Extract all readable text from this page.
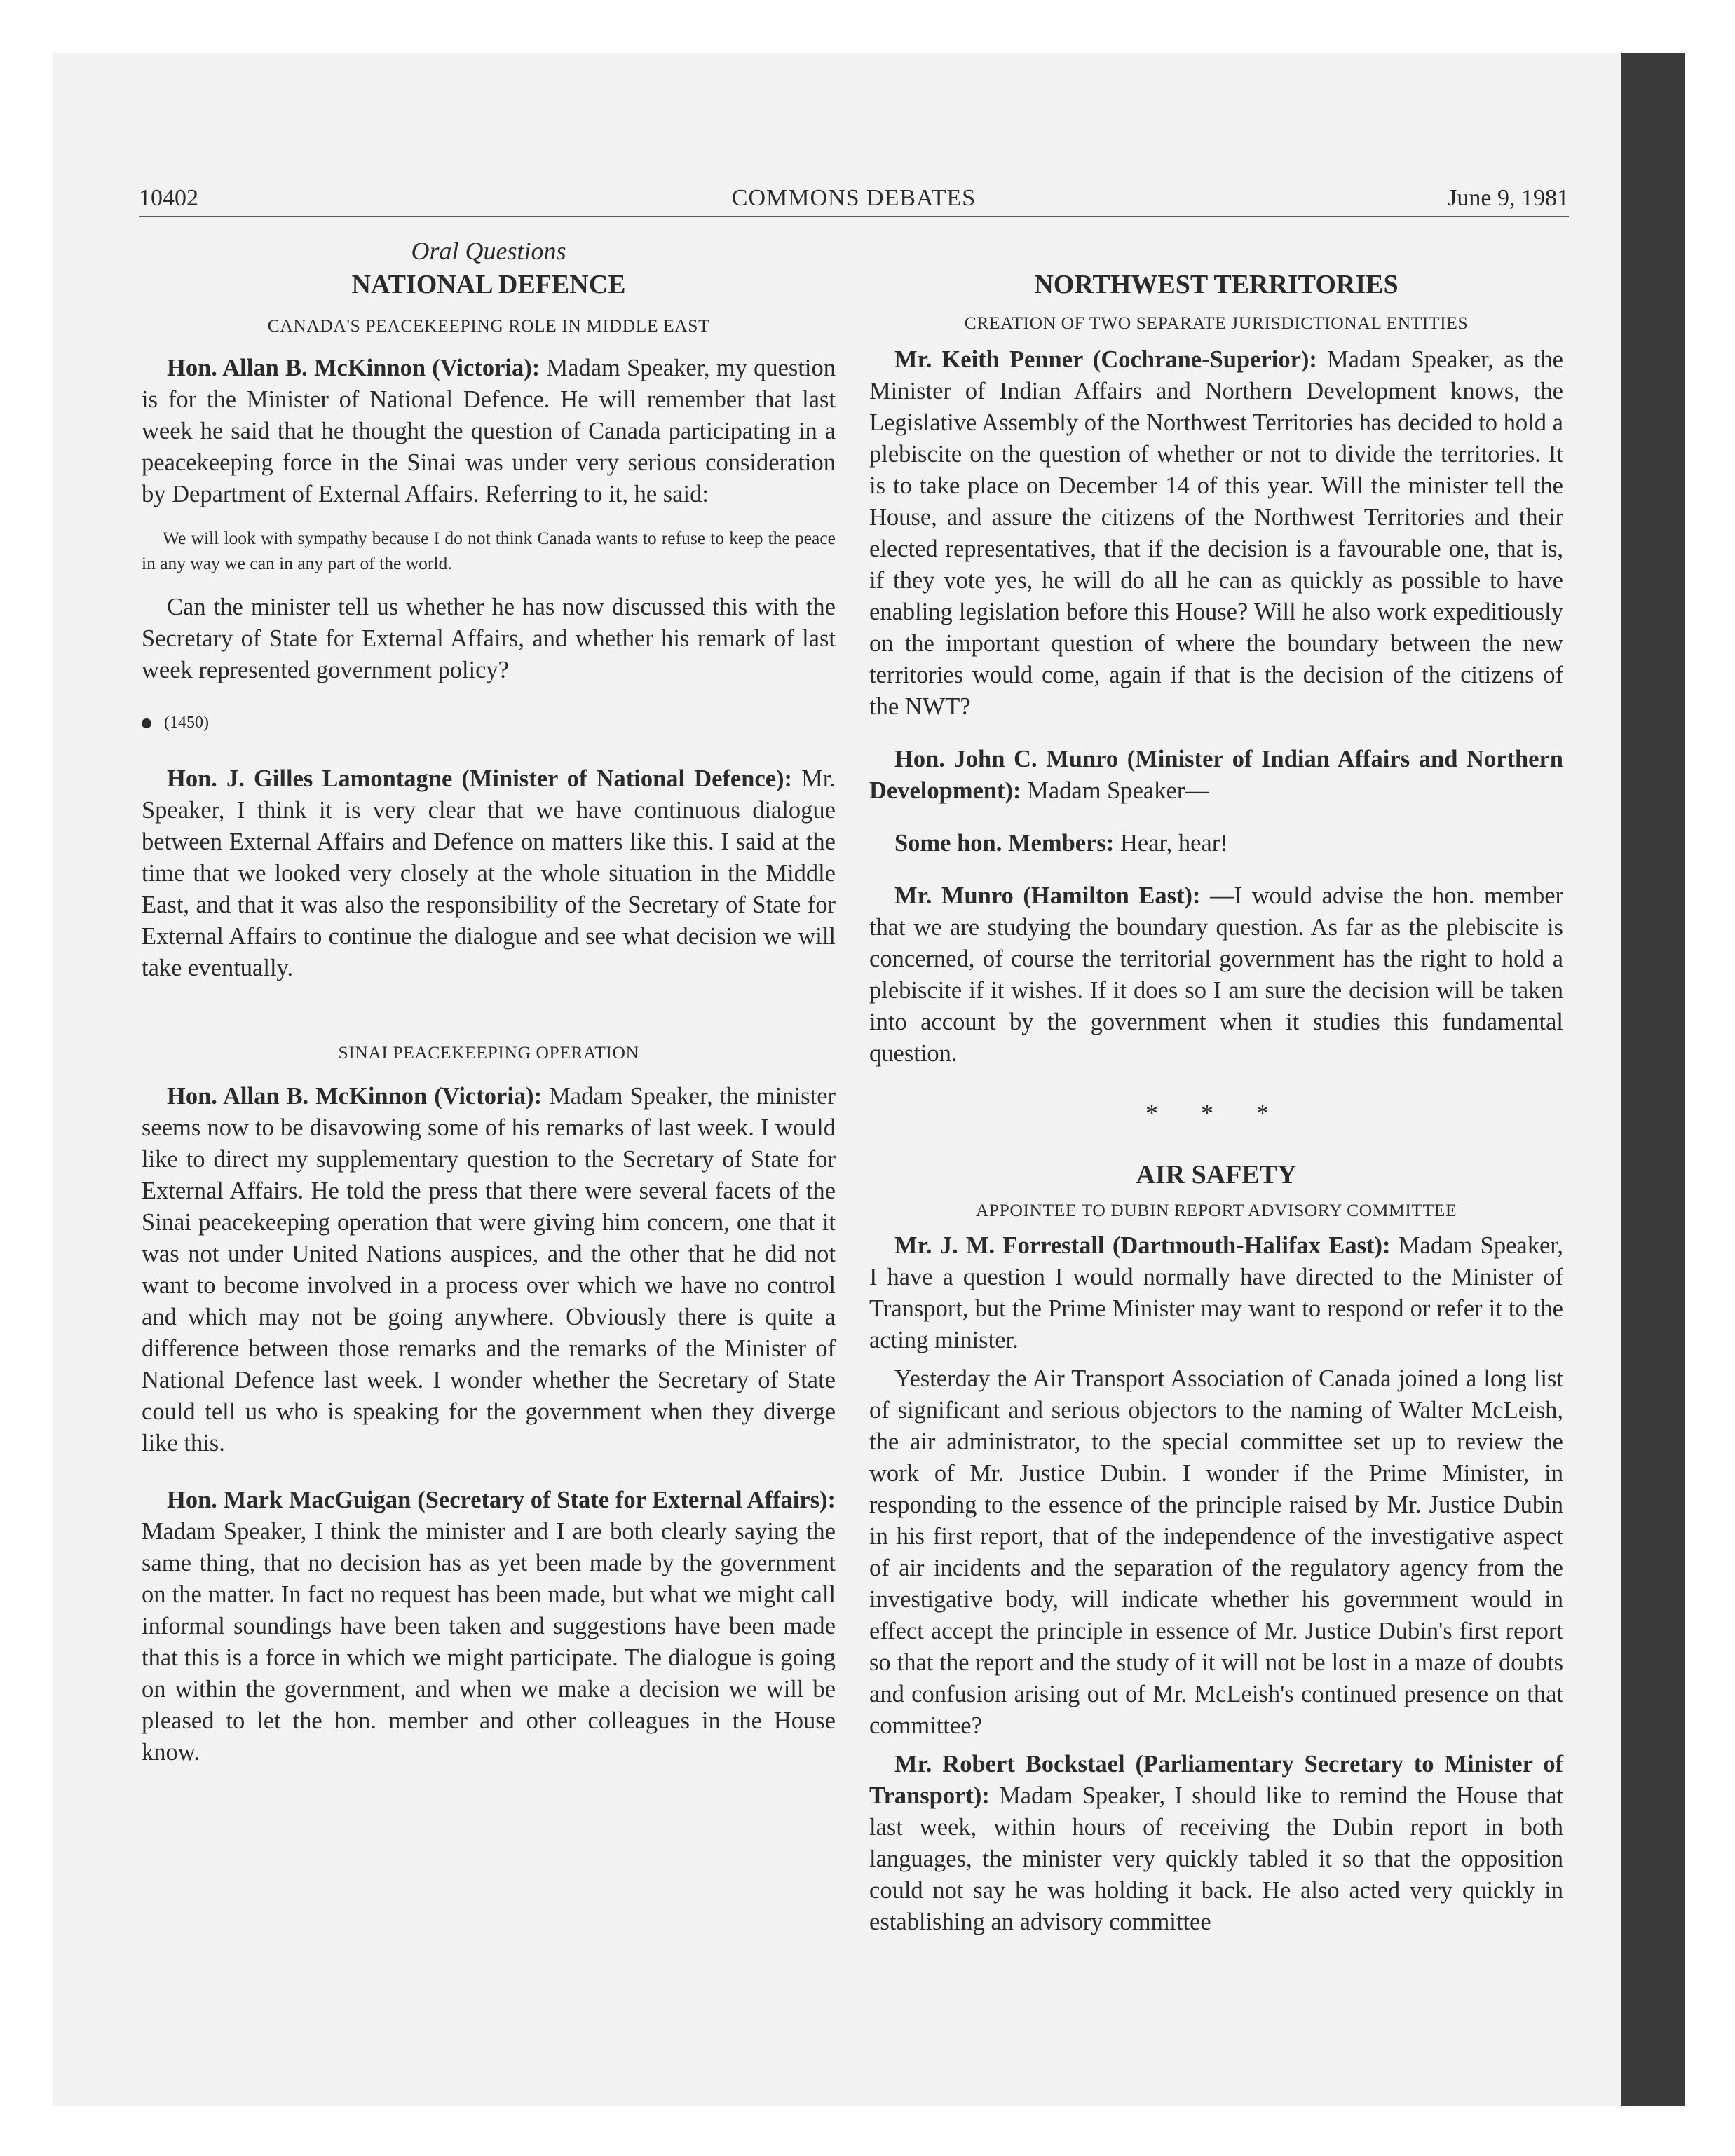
10402	COMMONS DEBATES	June 9, 1981

Oral Questions

NATIONAL DEFENCE

CANADA'S PEACEKEEPING ROLE IN MIDDLE EAST

Hon. Allan B. McKinnon (Victoria): Madam Speaker, my question is for the Minister of National Defence. He will remember that last week he said that he thought the question of Canada participating in a peacekeeping force in the Sinai was under very serious consideration by Department of External Affairs. Referring to it, he said:

We will look with sympathy because I do not think Canada wants to refuse to keep the peace in any way we can in any part of the world.

Can the minister tell us whether he has now discussed this with the Secretary of State for External Affairs, and whether his remark of last week represented government policy?

(1450)

Hon. J. Gilles Lamontagne (Minister of National Defence): Mr. Speaker, I think it is very clear that we have continuous dialogue between External Affairs and Defence on matters like this. I said at the time that we looked very closely at the whole situation in the Middle East, and that it was also the responsibility of the Secretary of State for External Affairs to continue the dialogue and see what decision we will take eventually.

SINAI PEACEKEEPING OPERATION

Hon. Allan B. McKinnon (Victoria): Madam Speaker, the minister seems now to be disavowing some of his remarks of last week. I would like to direct my supplementary question to the Secretary of State for External Affairs. He told the press that there were several facets of the Sinai peacekeeping operation that were giving him concern, one that it was not under United Nations auspices, and the other that he did not want to become involved in a process over which we have no control and which may not be going anywhere. Obviously there is quite a difference between those remarks and the remarks of the Minister of National Defence last week. I wonder whether the Secretary of State could tell us who is speaking for the government when they diverge like this.

Hon. Mark MacGuigan (Secretary of State for External Affairs): Madam Speaker, I think the minister and I are both clearly saying the same thing, that no decision has as yet been made by the government on the matter. In fact no request has been made, but what we might call informal soundings have been taken and suggestions have been made that this is a force in which we might participate. The dialogue is going on within the government, and when we make a decision we will be pleased to let the hon. member and other colleagues in the House know.

NORTHWEST TERRITORIES

CREATION OF TWO SEPARATE JURISDICTIONAL ENTITIES

Mr. Keith Penner (Cochrane-Superior): Madam Speaker, as the Minister of Indian Affairs and Northern Development knows, the Legislative Assembly of the Northwest Territories has decided to hold a plebiscite on the question of whether or not to divide the territories. It is to take place on December 14 of this year. Will the minister tell the House, and assure the citizens of the Northwest Territories and their elected representatives, that if the decision is a favourable one, that is, if they vote yes, he will do all he can as quickly as possible to have enabling legislation before this House? Will he also work expeditiously on the important question of where the boundary between the new territories would come, again if that is the decision of the citizens of the NWT?

Hon. John C. Munro (Minister of Indian Affairs and Northern Development): Madam Speaker—

Some hon. Members: Hear, hear!

Mr. Munro (Hamilton East): —I would advise the hon. member that we are studying the boundary question. As far as the plebiscite is concerned, of course the territorial government has the right to hold a plebiscite if it wishes. If it does so I am sure the decision will be taken into account by the government when it studies this fundamental question.

* * *

AIR SAFETY

APPOINTEE TO DUBIN REPORT ADVISORY COMMITTEE

Mr. J. M. Forrestall (Dartmouth-Halifax East): Madam Speaker, I have a question I would normally have directed to the Minister of Transport, but the Prime Minister may want to respond or refer it to the acting minister.

Yesterday the Air Transport Association of Canada joined a long list of significant and serious objectors to the naming of Walter McLeish, the air administrator, to the special committee set up to review the work of Mr. Justice Dubin. I wonder if the Prime Minister, in responding to the essence of the principle raised by Mr. Justice Dubin in his first report, that of the independence of the investigative aspect of air incidents and the separation of the regulatory agency from the investigative body, will indicate whether his government would in effect accept the principle in essence of Mr. Justice Dubin's first report so that the report and the study of it will not be lost in a maze of doubts and confusion arising out of Mr. McLeish's continued presence on that committee?

Mr. Robert Bockstael (Parliamentary Secretary to Minister of Transport): Madam Speaker, I should like to remind the House that last week, within hours of receiving the Dubin report in both languages, the minister very quickly tabled it so that the opposition could not say he was holding it back. He also acted very quickly in establishing an advisory committee
